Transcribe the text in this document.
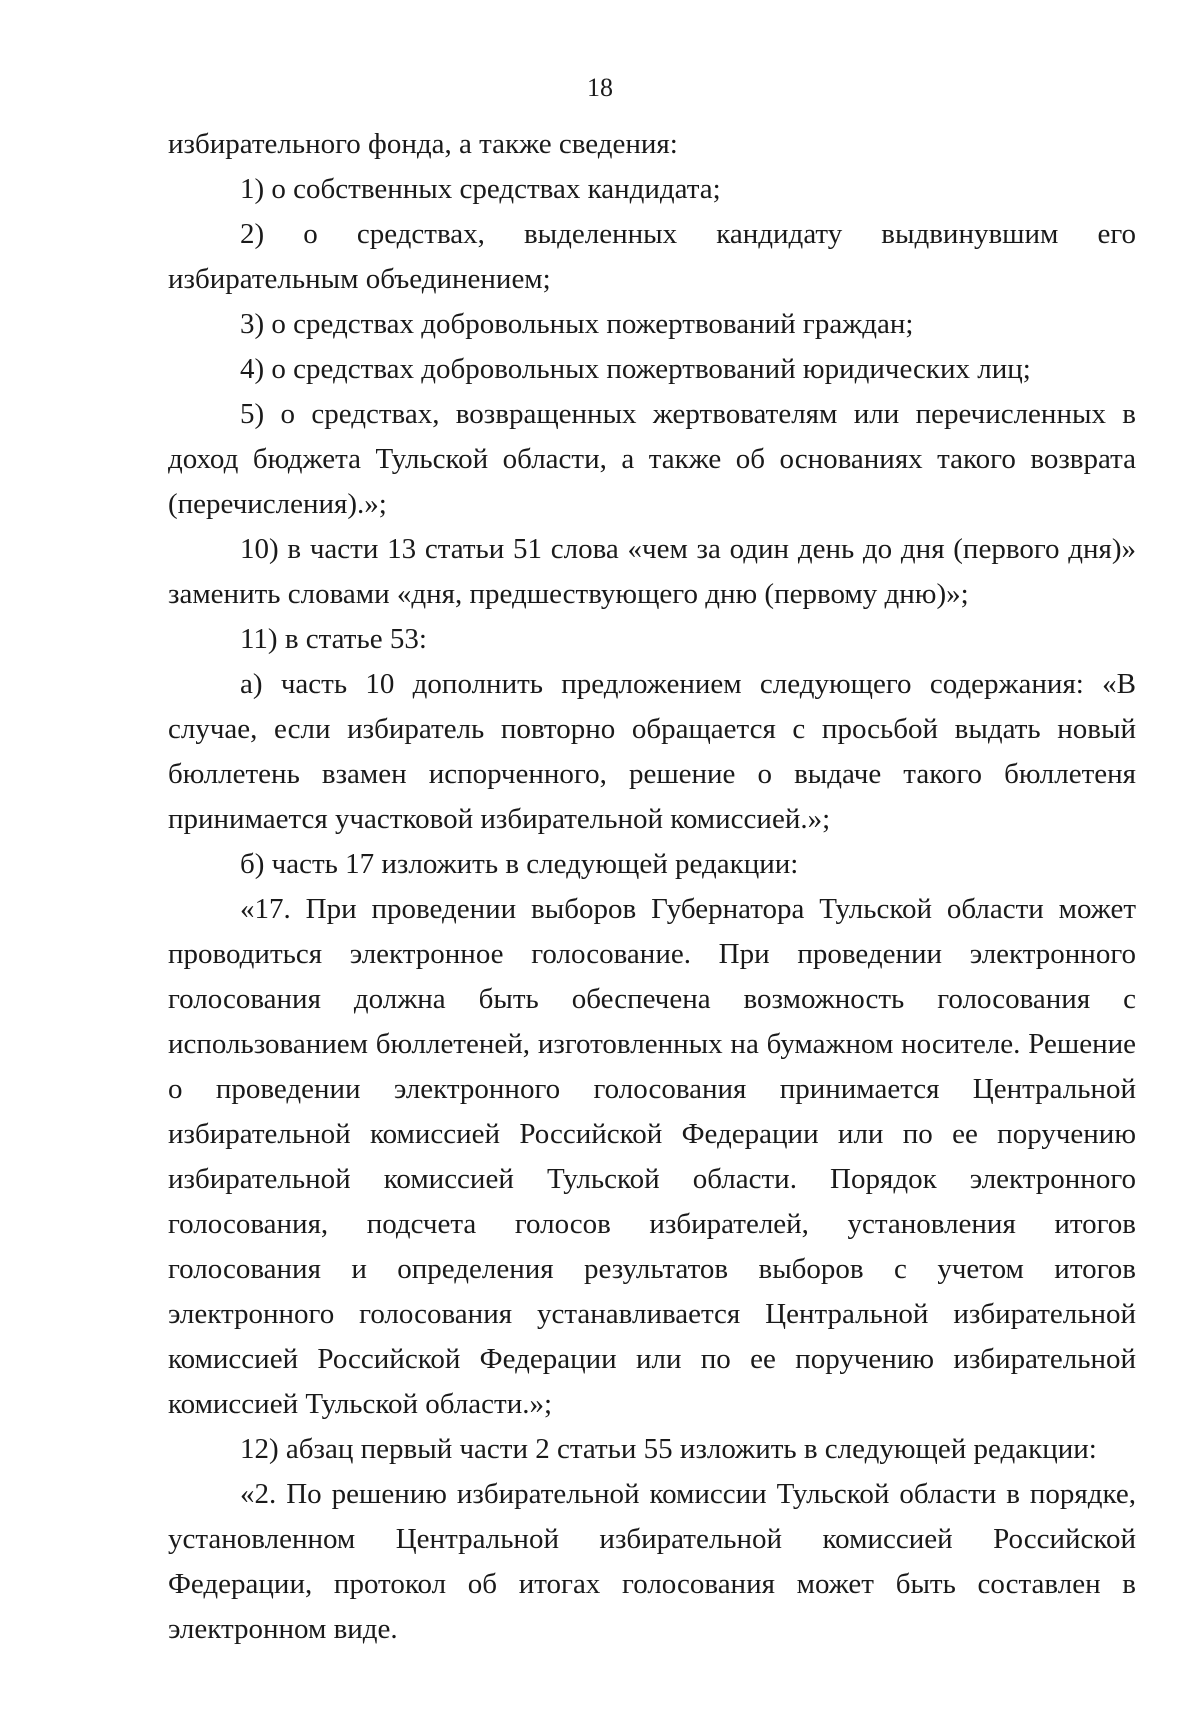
18

избирательного фонда, а также сведения:

1) о собственных средствах кандидата;

2) о средствах, выделенных кандидату выдвинувшим его избирательным объединением;

3) о средствах добровольных пожертвований граждан;

4) о средствах добровольных пожертвований юридических лиц;

5) о средствах, возвращенных жертвователям или перечисленных в доход бюджета Тульской области, а также об основаниях такого возврата (перечисления).»;

10) в части 13 статьи 51 слова «чем за один день до дня (первого дня)» заменить словами «дня, предшествующего дню (первому дню)»;

11) в статье 53:

а) часть 10 дополнить предложением следующего содержания: «В случае, если избиратель повторно обращается с просьбой выдать новый бюллетень взамен испорченного, решение о выдаче такого бюллетеня принимается участковой избирательной комиссией.»;

б) часть 17 изложить в следующей редакции:

«17. При проведении выборов Губернатора Тульской области может проводиться электронное голосование. При проведении электронного голосования должна быть обеспечена возможность голосования с использованием бюллетеней, изготовленных на бумажном носителе. Решение о проведении электронного голосования принимается Центральной избирательной комиссией Российской Федерации или по ее поручению избирательной комиссией Тульской области. Порядок электронного голосования, подсчета голосов избирателей, установления итогов голосования и определения результатов выборов с учетом итогов электронного голосования устанавливается Центральной избирательной комиссией Российской Федерации или по ее поручению избирательной комиссией Тульской области.»;

12) абзац первый части 2 статьи 55 изложить в следующей редакции:

«2. По решению избирательной комиссии Тульской области в порядке, установленном Центральной избирательной комиссией Российской Федерации, протокол об итогах голосования может быть составлен в электронном виде.
